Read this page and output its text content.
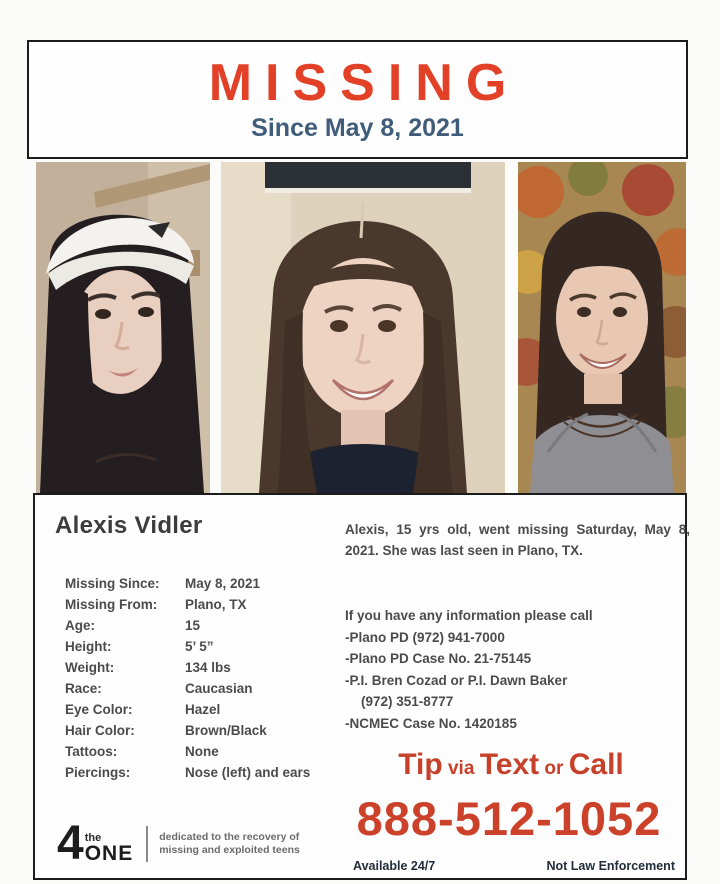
MISSING
Since May 8, 2021
Alexis Vidler
Missing Since:	May 8, 2021
Missing From:	Plano, TX
Age:	15
Height:	5’ 5”
Weight:	134 lbs
Race:	Caucasian
Eye Color:	Hazel
Hair Color:	Brown/Black
Tattoos:	None
Piercings:	Nose (left) and ears

Alexis, 15 yrs old, went missing Saturday, May 8, 2021. She was last seen in Plano, TX.

If you have any information please call
-Plano PD (972) 941-7000
-Plano PD Case No. 21-75145
-P.I. Bren Cozad or P.I. Dawn Baker
(972) 351-8777
-NCMEC Case No. 1420185
Tip via Text or Call
888-512-1052
Available 24/7	Not Law Enforcement
4 the
ONE
dedicated to the recovery of
missing and exploited teens
